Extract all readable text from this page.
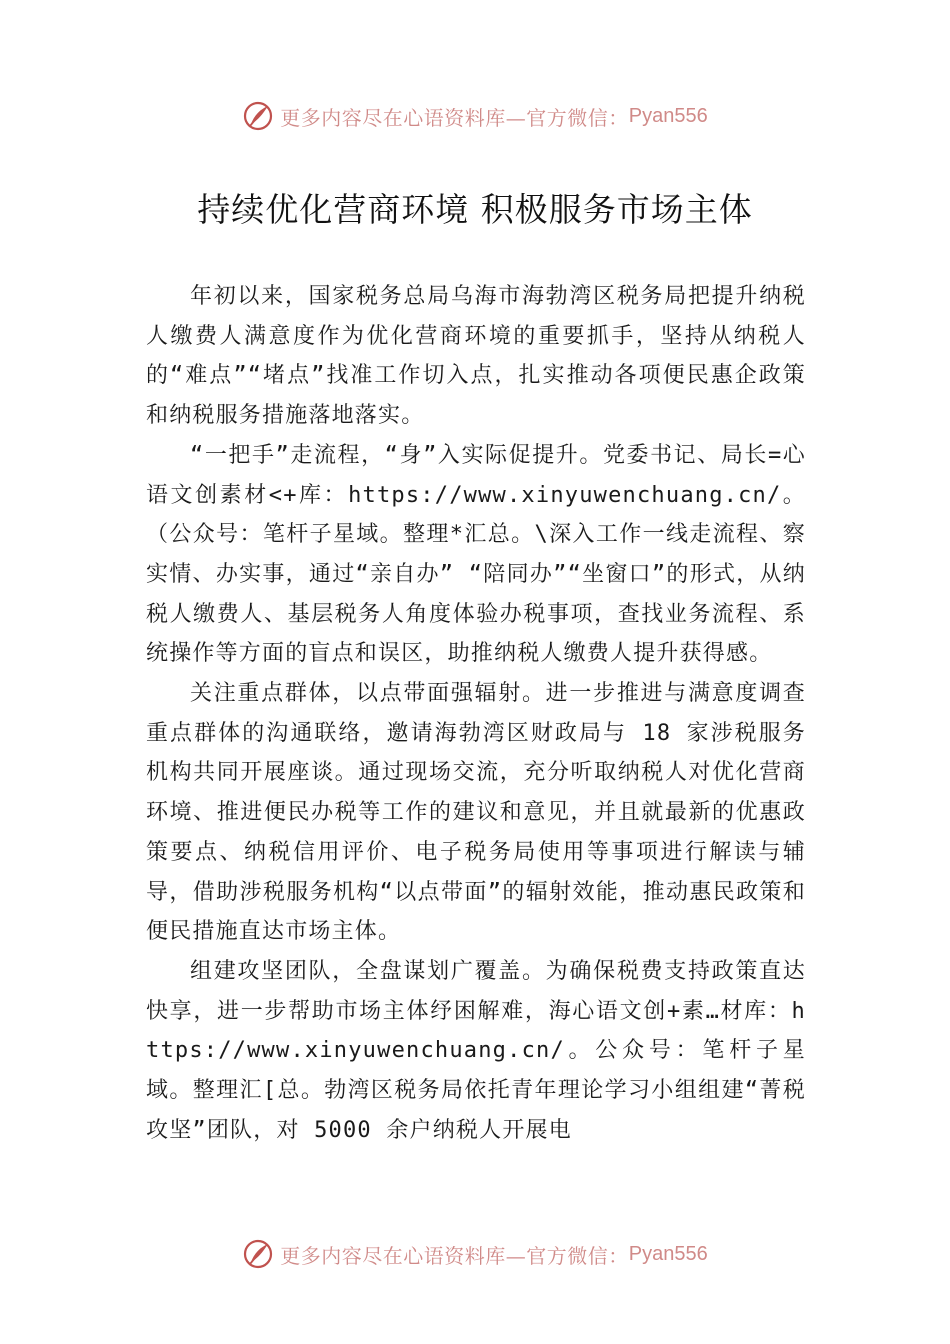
更多内容尽在心语资料库—官方微信： Pyan556
持续优化营商环境 积极服务市场主体

年初以来，国家税务总局乌海市海勃湾区税务局把提升纳税人缴费人满意度作为优化营商环境的重要抓手，坚持从纳税人的“难点”“堵点”找准工作切入点，扎实推动各项便民惠企政策和纳税服务措施落地落实。

“一把手”走流程，“身”入实际促提升。党委书记、局长=心语文创素材<+库：https://www.xinyuwenchuang.cn/。（公众号：笔杆子星域。整理*汇总。\深入工作一线走流程、察实情、办实事，通过“亲自办” “陪同办”“坐窗口”的形式，从纳税人缴费人、基层税务人角度体验办税事项，查找业务流程、系统操作等方面的盲点和误区，助推纳税人缴费人提升获得感。

关注重点群体，以点带面强辐射。进一步推进与满意度调查重点群体的沟通联络，邀请海勃湾区财政局与 18 家涉税服务机构共同开展座谈。通过现场交流，充分听取纳税人对优化营商环境、推进便民办税等工作的建议和意见，并且就最新的优惠政策要点、纳税信用评价、电子税务局使用等事项进行解读与辅导，借助涉税服务机构“以点带面”的辐射效能，推动惠民政策和便民措施直达市场主体。

组建攻坚团队，全盘谋划广覆盖。为确保税费支持政策直达快享，进一步帮助市场主体纾困解难，海心语文创+素…材库：https://www.xinyuwenchuang.cn/。公众号：笔杆子星域。整理汇[总。勃湾区税务局依托青年理论学习小组组建“菁税攻坚”团队，对 5000 余户纳税人开展电

更多内容尽在心语资料库—官方微信： Pyan556
